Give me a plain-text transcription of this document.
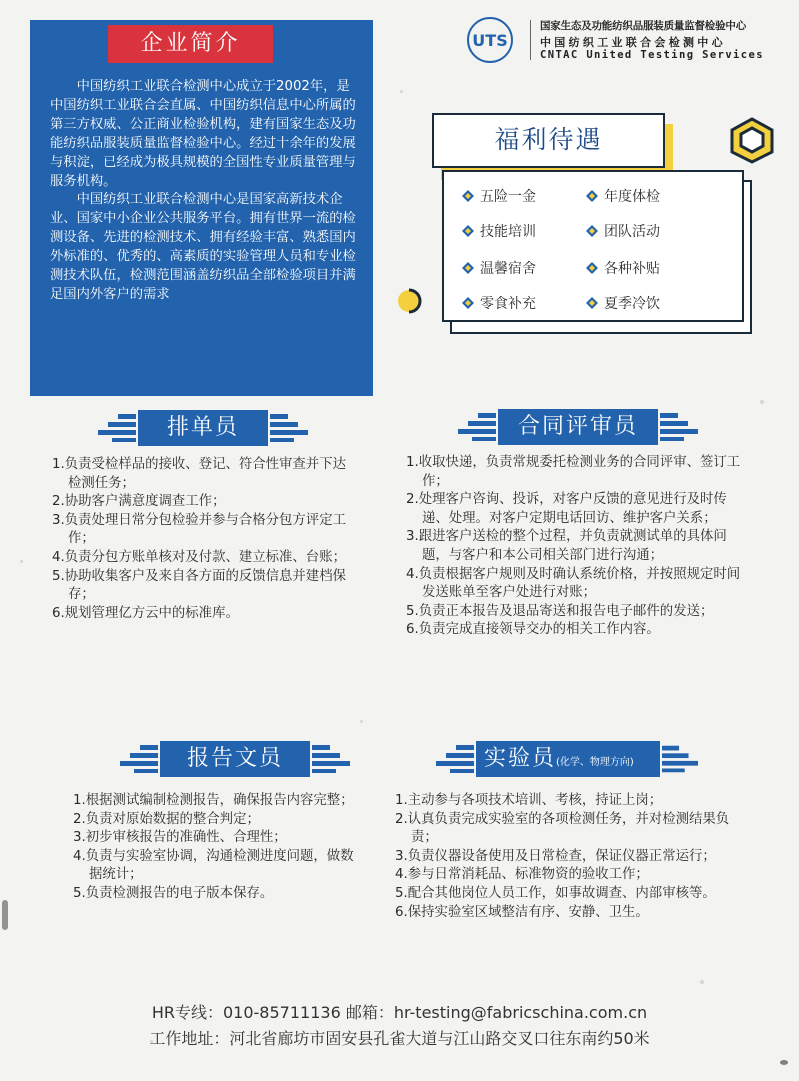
UTS
国家生态及功能纺织品服装质量监督检验中心
中国纺织工业联合会检测中心
CNTAC United Testing Services

中国纺织工业联合检测中心成立于2002年，是中国纺织工业联合会直属、中国纺织信息中心所属的第三方权威、公正商业检验机构，建有国家生态及功能纺织品服装质量监督检验中心。经过十余年的发展与积淀，已经成为极具规模的全国性专业质量管理与服务机构。

中国纺织工业联合检测中心是国家高新技术企业、国家中小企业公共服务平台。拥有世界一流的检测设备、先进的检测技术、拥有经验丰富、熟悉国内外标准的、优秀的、高素质的实验管理人员和专业检测技术队伍，检测范围涵盖纺织品全部检验项目并满足国内外客户的需求

企业简介
福利待遇
五险一金	年度体检
技能培训	团队活动
温馨宿舍	各种补贴
零食补充	夏季冷饮
排单员

1.负责受检样品的接收、登记、符合性审查并下达检测任务；

2.协助客户满意度调查工作；

3.负责处理日常分包检验并参与合格分包方评定工作；

4.负责分包方账单核对及付款、建立标准、台账；

5.协助收集客户及来自各方面的反馈信息并建档保存；

6.规划管理亿方云中的标准库。

合同评审员

1.收取快递，负责常规委托检测业务的合同评审、签订工作；

2.处理客户咨询、投诉，对客户反馈的意见进行及时传递、处理。对客户定期电话回访、维护客户关系；

3.跟进客户送检的整个过程，并负责就测试单的具体问题，与客户和本公司相关部门进行沟通；

4.负责根据客户规则及时确认系统价格，并按照规定时间发送账单至客户处进行对账；

5.负责正本报告及退品寄送和报告电子邮件的发送；

6.负责完成直接领导交办的相关工作内容。

报告文员

1.根据测试编制检测报告，确保报告内容完整；

2.负责对原始数据的整合判定；

3.初步审核报告的准确性、合理性；

4.负责与实验室协调，沟通检测进度问题，做数据统计；

5.负责检测报告的电子版本保存。

实验员(化学、物理方向)

1.主动参与各项技术培训、考核，持证上岗；

2.认真负责完成实验室的各项检测任务，并对检测结果负责；

3.负责仪器设备使用及日常检查，保证仪器正常运行；

4.参与日常消耗品、标准物资的验收工作；

5.配合其他岗位人员工作，如事故调查、内部审核等。

6.保持实验室区域整洁有序、安静、卫生。

HR专线：010-85711136 邮箱：hr-testing@fabricschina.com.cn
工作地址：河北省廊坊市固安县孔雀大道与江山路交叉口往东南约50米
